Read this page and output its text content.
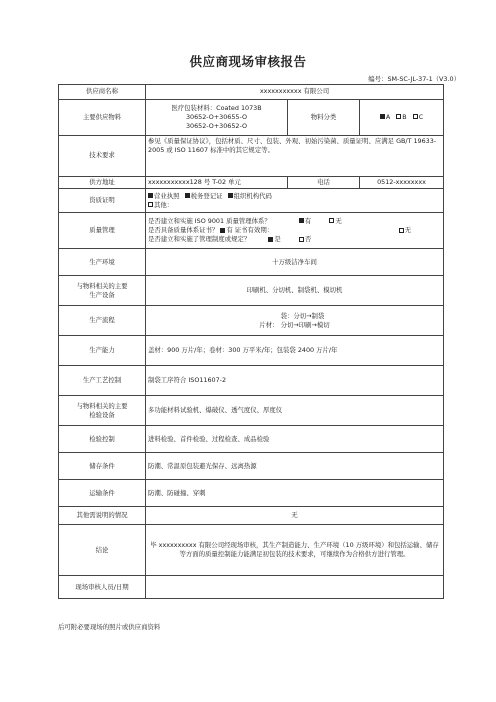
供应商现场审核报告
编号：SM-SC-JL-37-1（V3.0）
供应商名称	xxxxxxxxxxx 有限公司		
主要供应物料	医疗包装材料：Coated 1073B
30652-O+30655-O
30652-O+30652-O	物料分类	A B C
技术要求	参见《质量保证协议》，包括材质、尺寸、包装、外观、初始污染菌、质量证明、应满足 GB/T 19633-2005 或 ISO 11607 标准中的其它规定等。		
供方地址	xxxxxxxxxxx128 号 T-02 单元	电话	0512-xxxxxxxx
资质证明	营业执照 税务登记证 组织机构代码
其他：		

质量管理	是否建立和实施 ISO 9001 质量管理体系？ 有 无
是否具备质量体系证书？ 有 证书有效期： 无
是否建立和实施了管理制度或规定？ 是 否		

生产环境	十万级洁净车间		

与物料相关的主要
生产设备	印刷机、分切机、制袋机、模切机		
生产流程	袋：分切→制袋
片材： 分切→印刷→模切		

生产能力	盖材：900 万片/年；卷材：300 万平米/年；包装袋 2400 万片/年		
生产工艺控制	制袋工序符合 ISO11607-2		

与物料相关的主要
检验设备	多功能材料试验机、爆破仪、透气度仪、厚度仪		
检验控制	进料检验、首件检验、过程检查、成品检验		
储存条件	防潮、常温原包装避光保存、远离热源		
运输条件	防潮、防碰撞、穿刺		
其他需说明的情况	无		
结论	毕 xxxxxxxxxx 有限公司经现场审核，其生产制造能力、生产环境（10 万级环境）和包括运输、储存等方面的质量控制能力能满足初包装的技术要求，可继续作为合格供方进行管理。		
现场审核人员/日期			
后可附必要现场的照片或供应商资料
